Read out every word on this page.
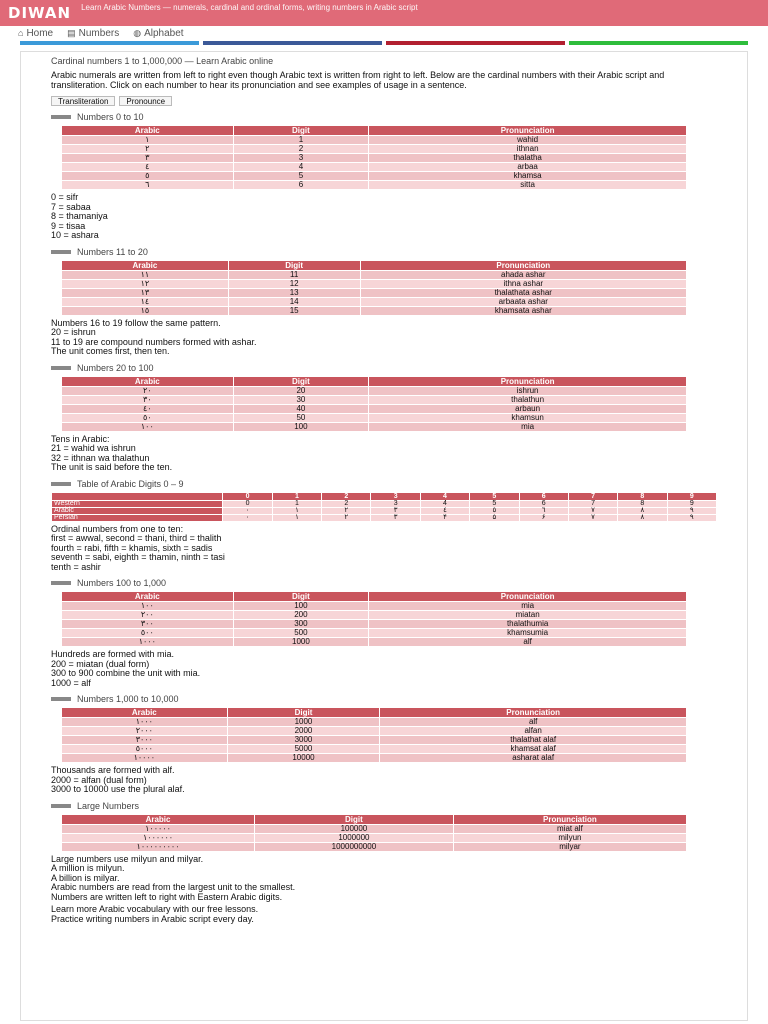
DIWAN Learn Arabic Numbers — numerals, cardinal and ordinal forms, writing numbers in Arabic script
⌂ Home ▤ Numbers ◍ Alphabet

Cardinal numbers 1 to 1,000,000 — Learn Arabic online

Arabic numerals are written from left to right even though Arabic text is written from right to left. Below are the cardinal numbers with their Arabic script and transliteration. Click on each number to hear its pronunciation and see examples of usage in a sentence.

Transliteration	Pronounce
Numbers 0 to 10
Arabic	Digit	Pronunciation
١	1	wahid
٢	2	ithnan
٣	3	thalatha
٤	4	arbaa
٥	5	khamsa
٦	6	sitta

0 = sifr

7 = sabaa

8 = thamaniya

9 = tisaa

10 = ashara

Numbers 11 to 20
Arabic	Digit	Pronunciation
١١	11	ahada ashar
١٢	12	ithna ashar
١٣	13	thalathata ashar
١٤	14	arbaata ashar
١٥	15	khamsata ashar

Numbers 16 to 19 follow the same pattern.

20 = ishrun

11 to 19 are compound numbers formed with ashar.

The unit comes first, then ten.

Numbers 20 to 100
Arabic	Digit	Pronunciation
٢٠	20	ishrun
٣٠	30	thalathun
٤٠	40	arbaun
٥٠	50	khamsun
١٠٠	100	mia

Tens in Arabic:

21 = wahid wa ishrun

32 = ithnan wa thalathun

The unit is said before the ten.

Table of Arabic Digits 0 – 9
	0	1	2	3	4	5	6	7	8	9
Western	0	1	2	3	4	5	6	7	8	9
Arabic	٠	١	٢	٣	٤	٥	٦	٧	٨	٩
Persian	۰	۱	۲	۳	۴	۵	۶	۷	۸	۹

Ordinal numbers from one to ten:

first = awwal, second = thani, third = thalith

fourth = rabi, fifth = khamis, sixth = sadis

seventh = sabi, eighth = thamin, ninth = tasi

tenth = ashir

Numbers 100 to 1,000
Arabic	Digit	Pronunciation
١٠٠	100	mia
٢٠٠	200	miatan
٣٠٠	300	thalathumia
٥٠٠	500	khamsumia
١٠٠٠	1000	alf

Hundreds are formed with mia.

200 = miatan (dual form)

300 to 900 combine the unit with mia.

1000 = alf

Numbers 1,000 to 10,000
Arabic	Digit	Pronunciation
١٠٠٠	1000	alf
٢٠٠٠	2000	alfan
٣٠٠٠	3000	thalathat alaf
٥٠٠٠	5000	khamsat alaf
١٠٠٠٠	10000	asharat alaf

Thousands are formed with alf.

2000 = alfan (dual form)

3000 to 10000 use the plural alaf.

Large Numbers
Arabic	Digit	Pronunciation
١٠٠٠٠٠	100000	miat alf
١٠٠٠٠٠٠	1000000	milyun
١٠٠٠٠٠٠٠٠٠	1000000000	milyar

Large numbers use milyun and milyar.

A million is milyun.

A billion is milyar.

Arabic numbers are read from the largest unit to the smallest.

Numbers are written left to right with Eastern Arabic digits.

Learn more Arabic vocabulary with our free lessons.

Practice writing numbers in Arabic script every day.
